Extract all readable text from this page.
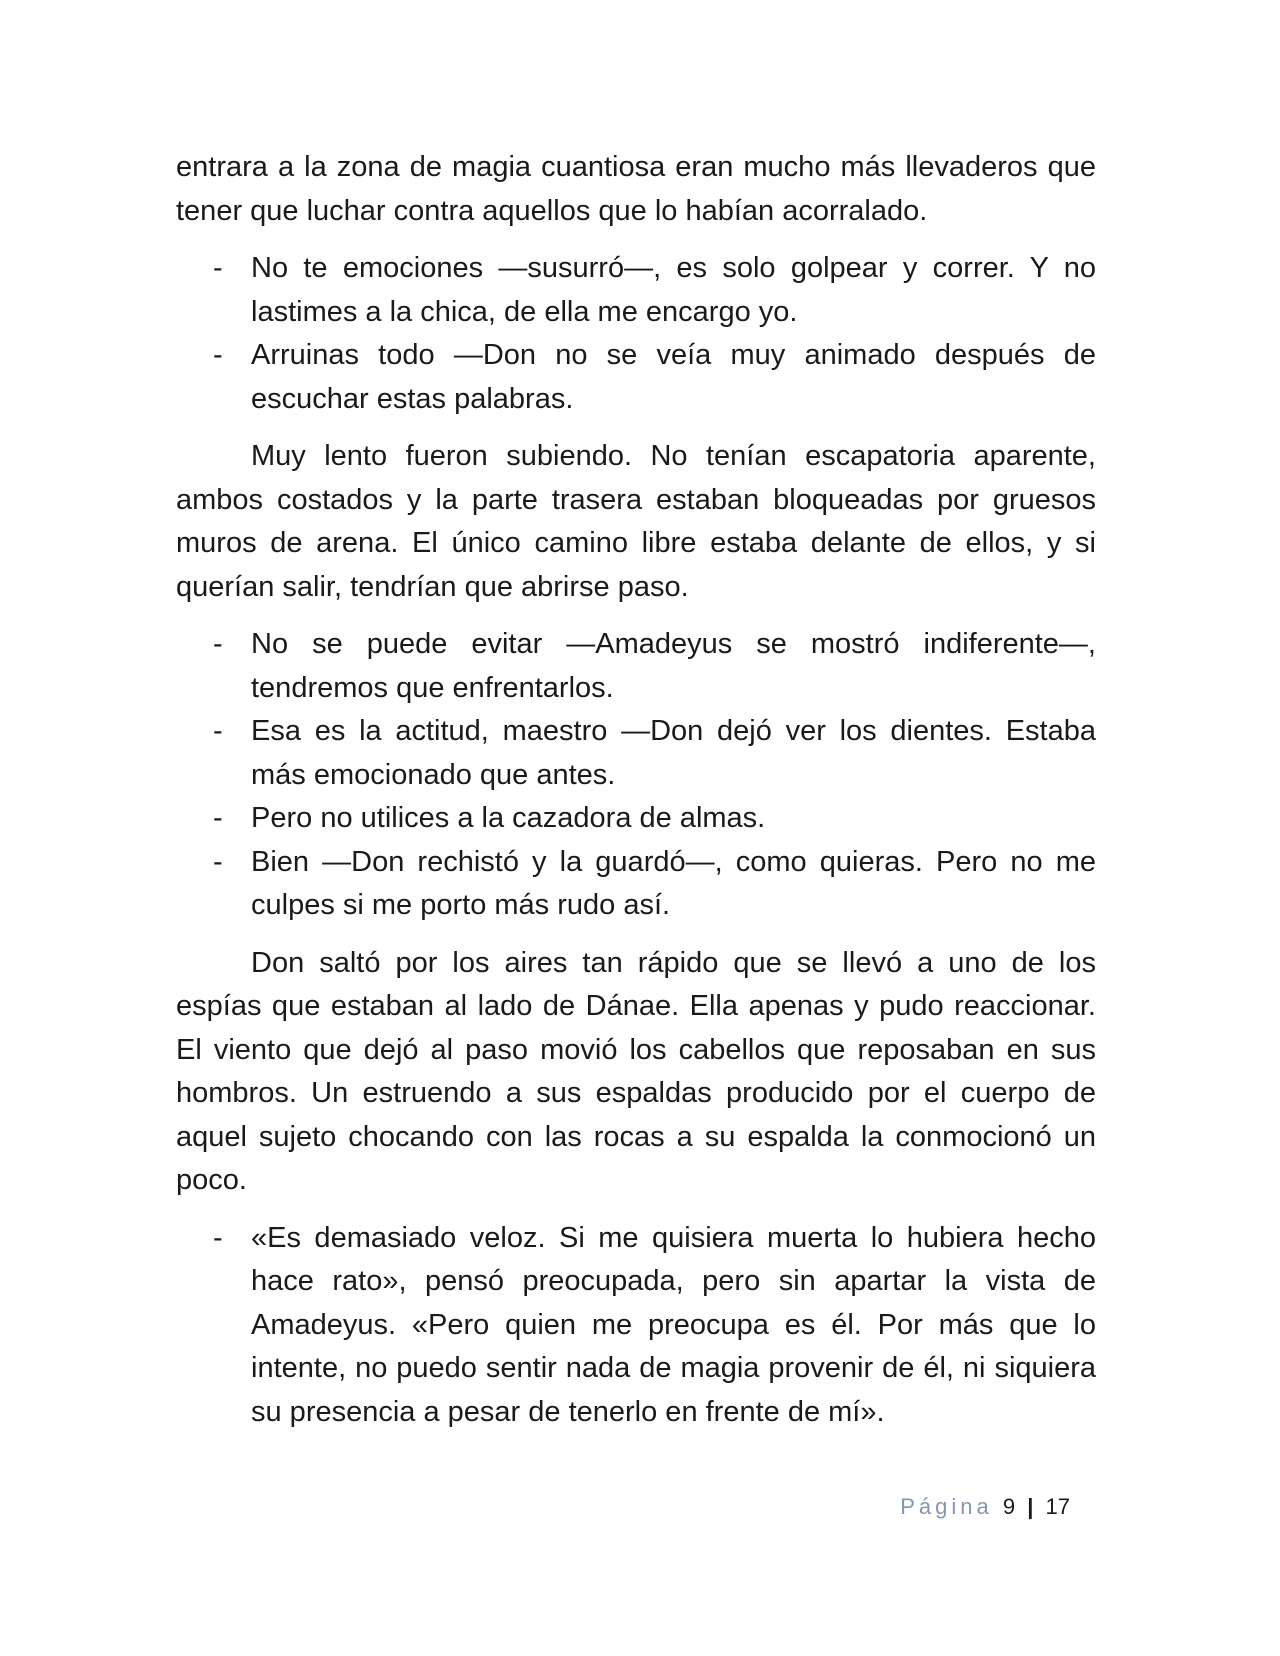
entrara a la zona de magia cuantiosa eran mucho más llevaderos que tener que luchar contra aquellos que lo habían acorralado.

- No te emociones —susurró—, es solo golpear y correr. Y no lastimes a la chica, de ella me encargo yo.
- Arruinas todo —Don no se veía muy animado después de escuchar estas palabras.

Muy lento fueron subiendo. No tenían escapatoria aparente, ambos costados y la parte trasera estaban bloqueadas por gruesos muros de arena. El único camino libre estaba delante de ellos, y si querían salir, tendrían que abrirse paso.

- No se puede evitar —Amadeyus se mostró indiferente—, tendremos que enfrentarlos.
- Esa es la actitud, maestro —Don dejó ver los dientes. Estaba más emocionado que antes.
- Pero no utilices a la cazadora de almas.
- Bien —Don rechistó y la guardó—, como quieras. Pero no me culpes si me porto más rudo así.

Don saltó por los aires tan rápido que se llevó a uno de los espías que estaban al lado de Dánae. Ella apenas y pudo reaccionar. El viento que dejó al paso movió los cabellos que reposaban en sus hombros. Un estruendo a sus espaldas producido por el cuerpo de aquel sujeto chocando con las rocas a su espalda la conmocionó un poco.

- «Es demasiado veloz. Si me quisiera muerta lo hubiera hecho hace rato», pensó preocupada, pero sin apartar la vista de Amadeyus. «Pero quien me preocupa es él. Por más que lo intente, no puedo sentir nada de magia provenir de él, ni siquiera su presencia a pesar de tenerlo en frente de mí».
Página 9 | 17
